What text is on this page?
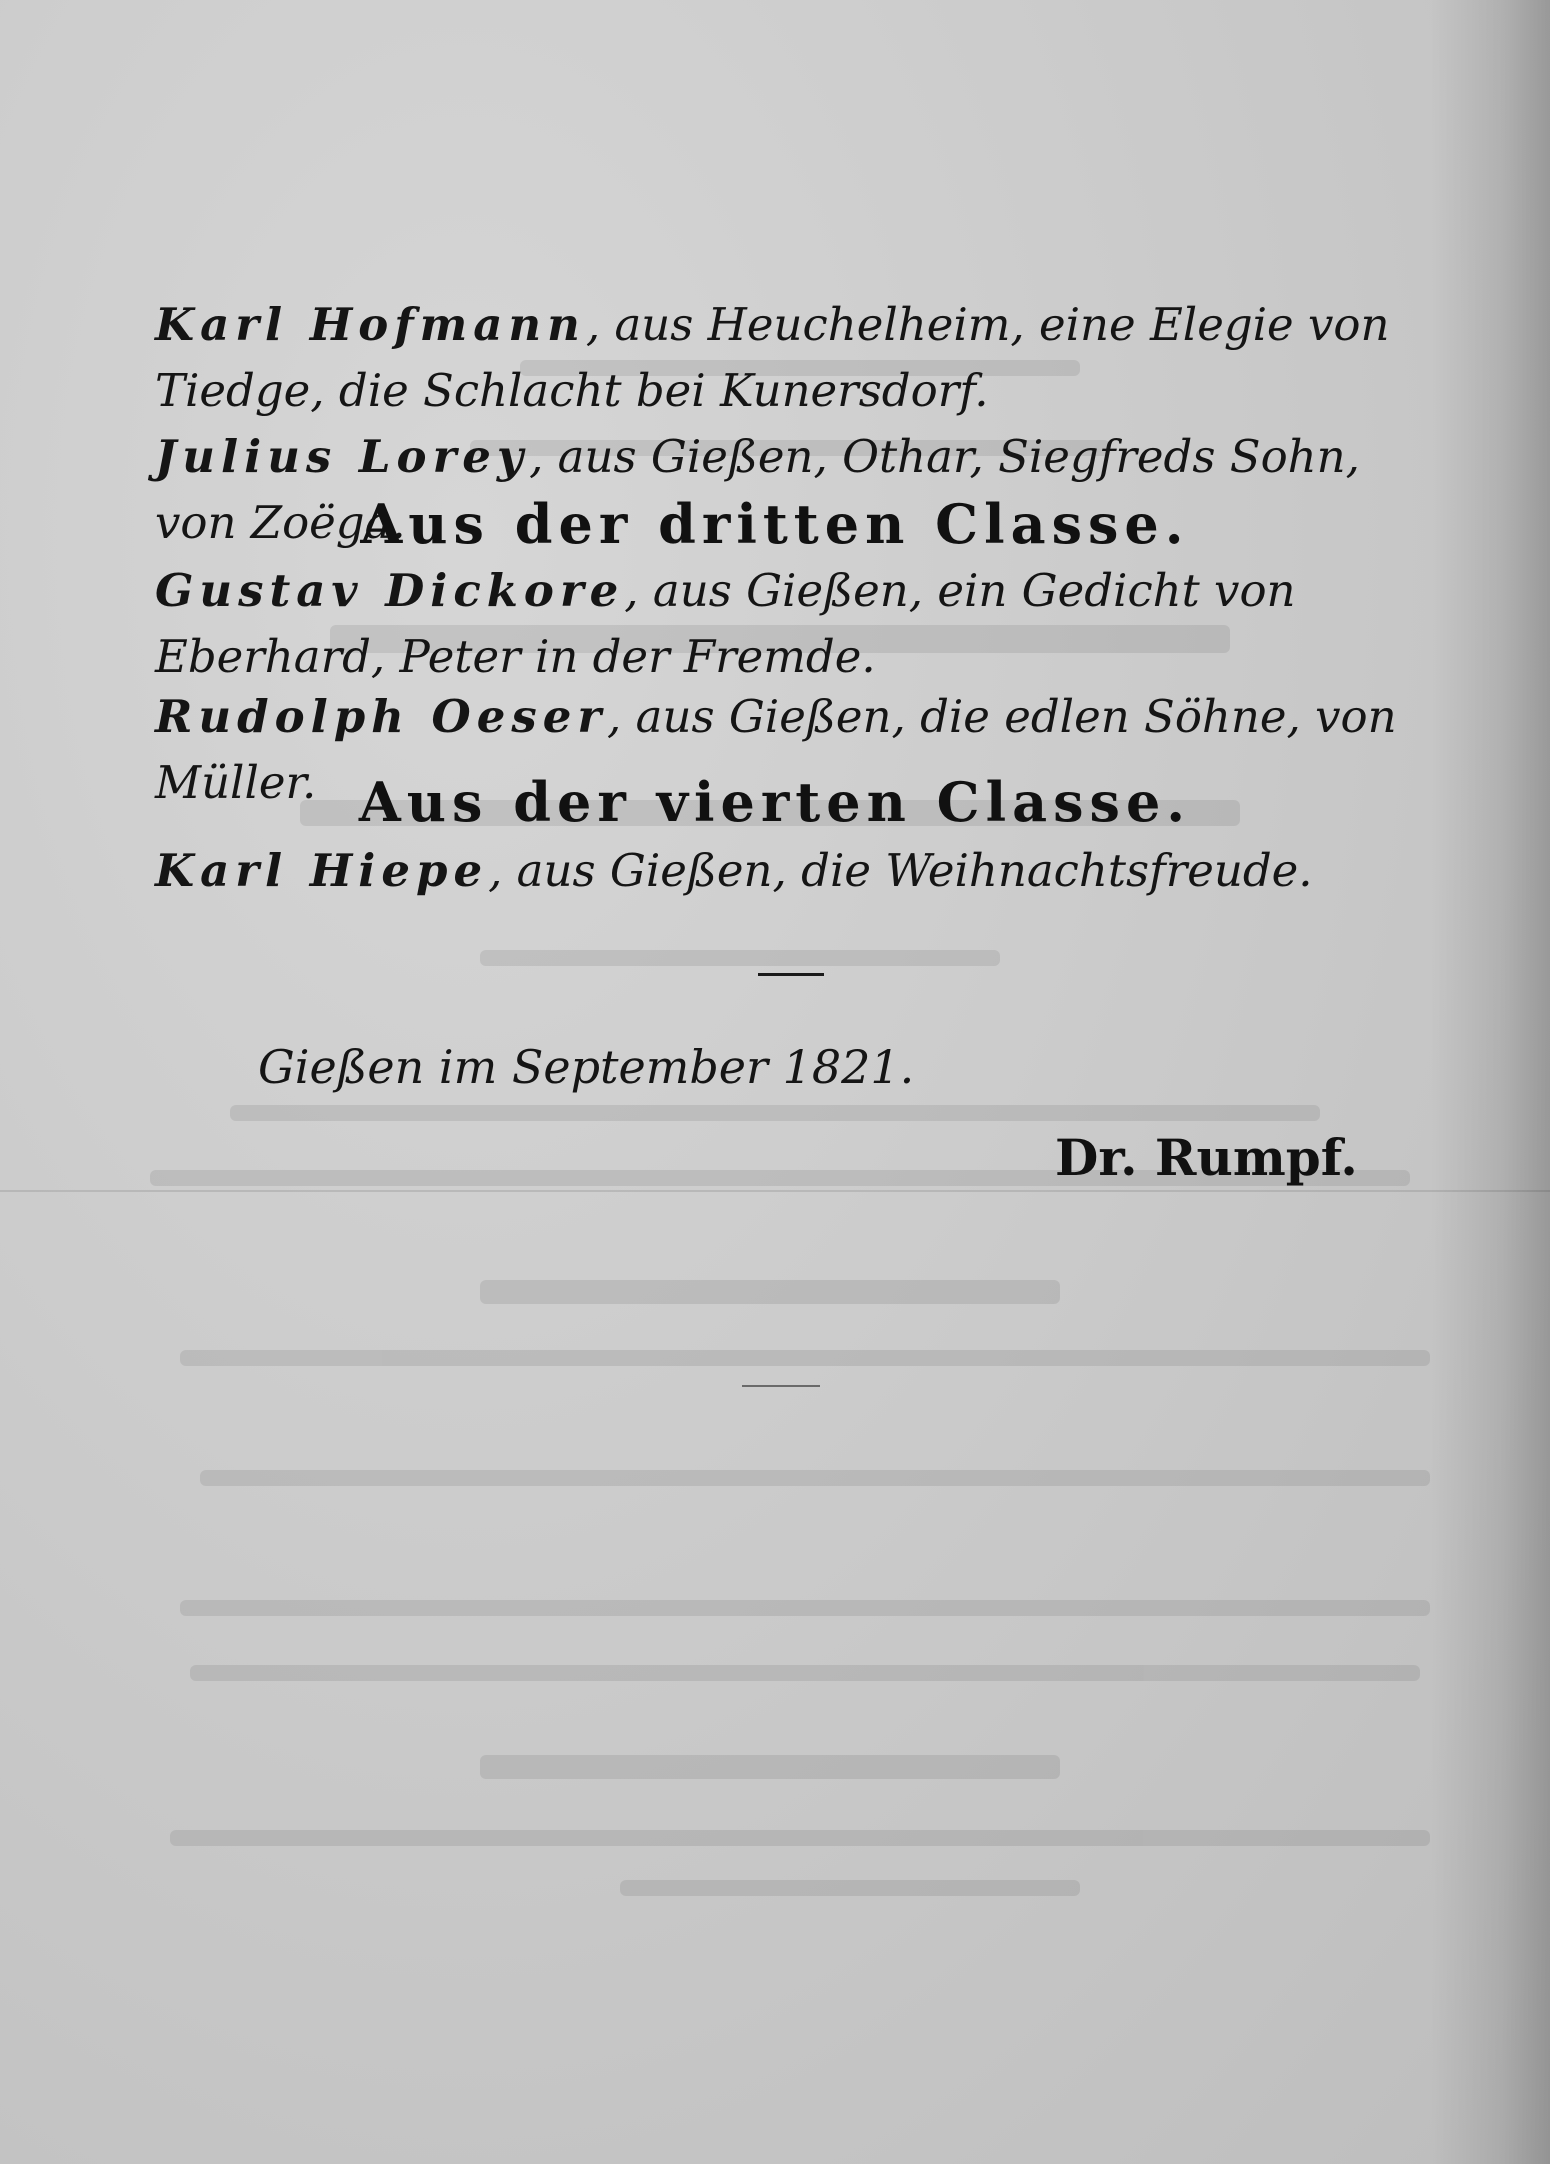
Karl Hofmann, aus Heuchelheim, eine Elegie von Tiedge, die Schlacht bei Kunersdorf.
Julius Lorey, aus Gießen, Othar, Siegfreds Sohn, von Zoëga.
Aus der dritten Classe.
Gustav Dickore, aus Gießen, ein Gedicht von Eberhard, Peter in der Fremde.
Rudolph Oeser, aus Gießen, die edlen Söhne, von Müller. Aus der vierten Classe.
Karl Hiepe, aus Gießen, die Weihnachtsfreude.
Gießen im September 1821.
Dr. Rumpf.
